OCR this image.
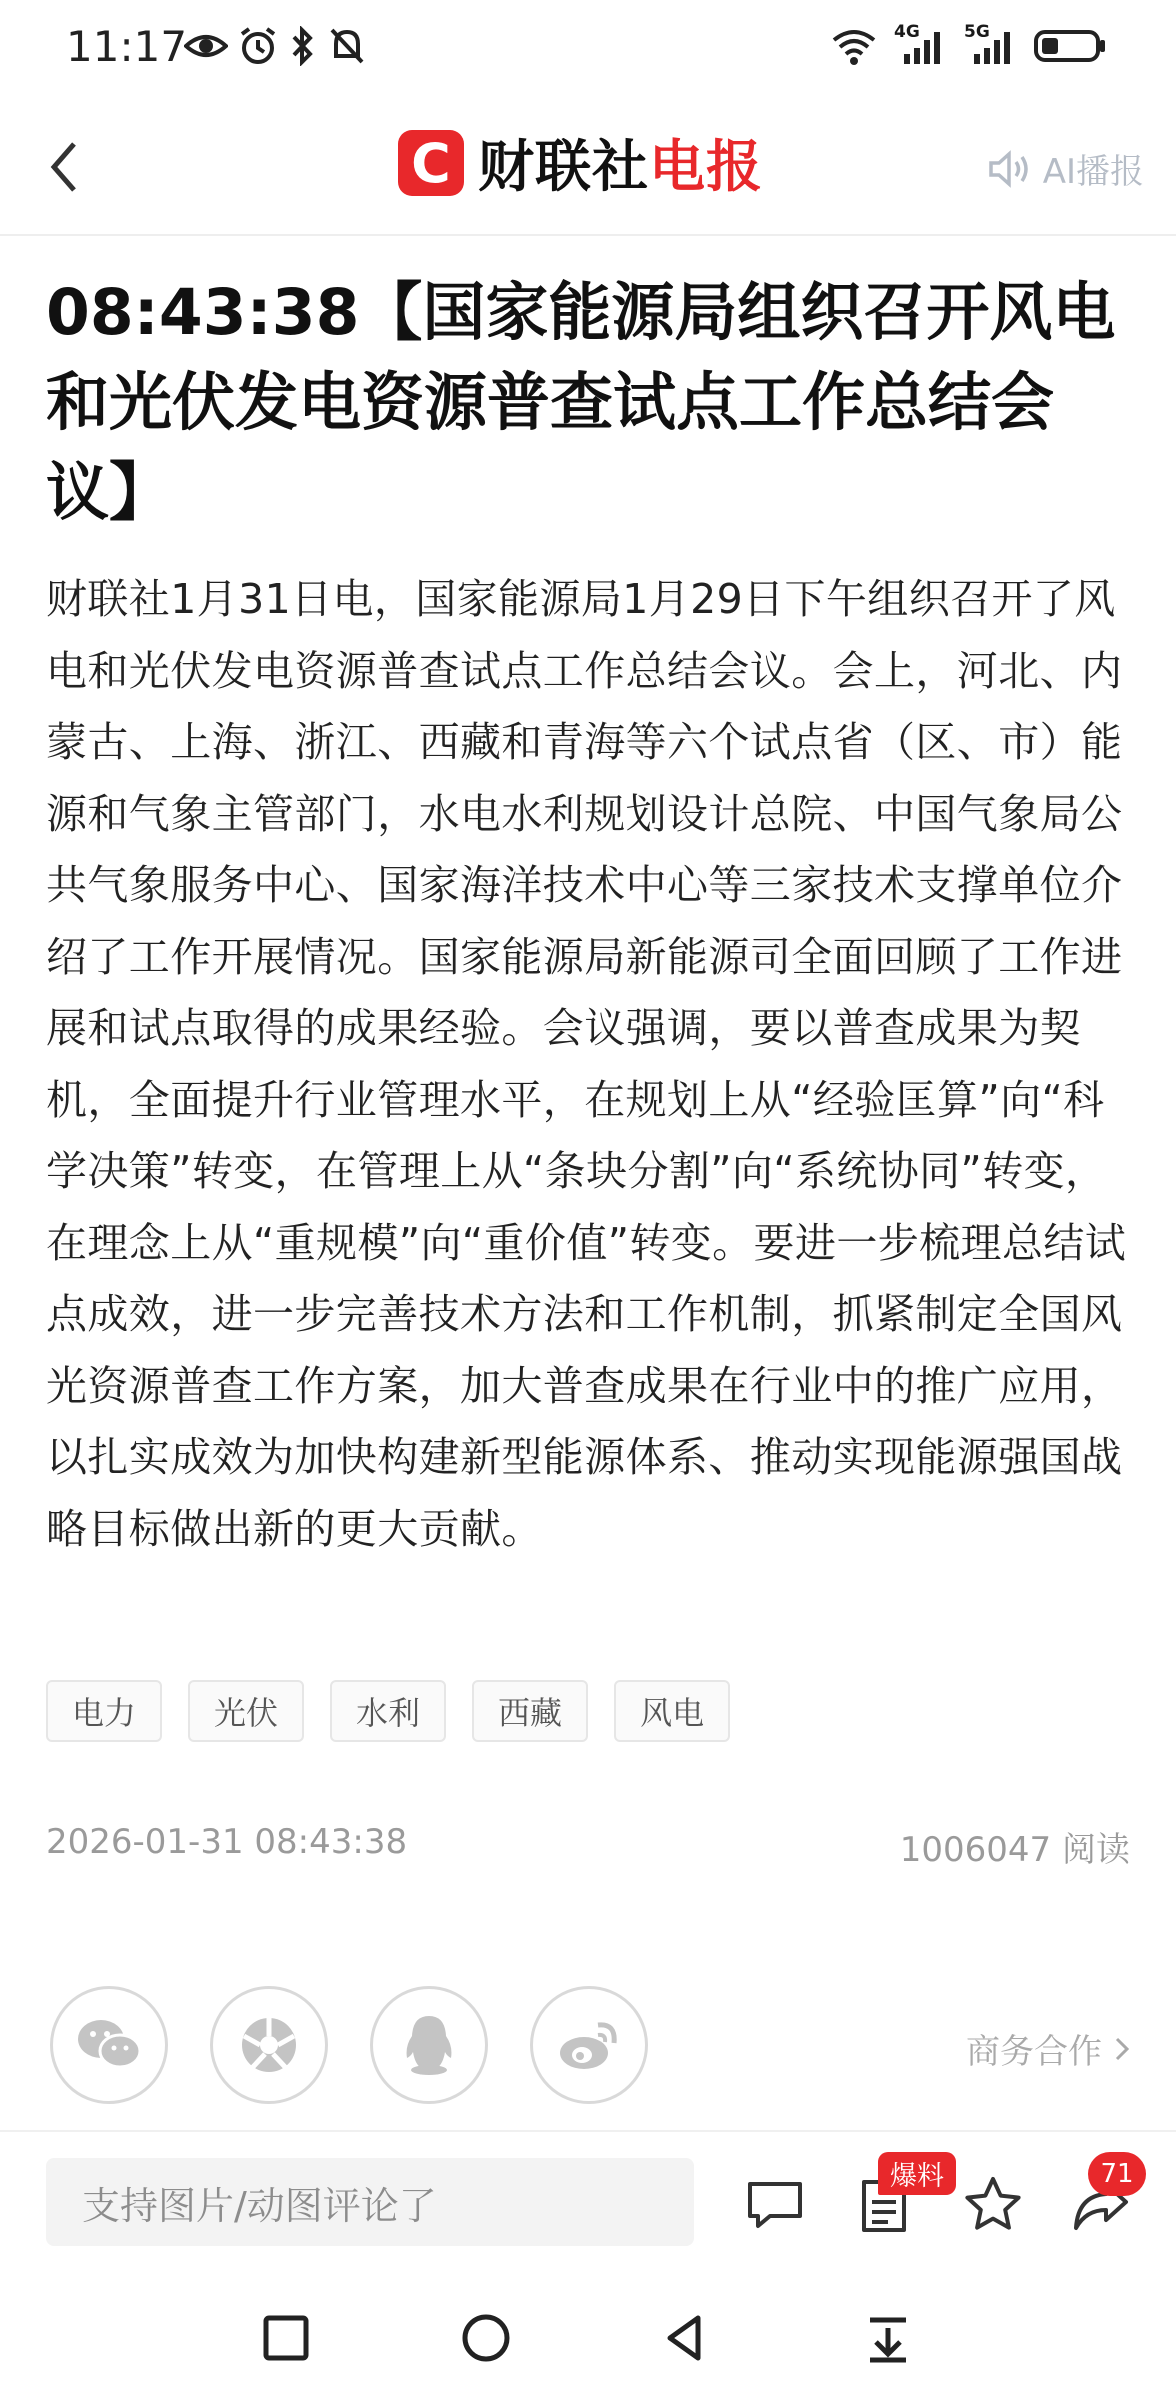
11:17	4G	5G
C 财联社电报	AI播报
08:43:38【国家能源局组织召开风电和光伏发电资源普查试点工作总结会议】

财联社1月31日电，国家能源局1月29日下午组织召开了风电和光伏发电资源普查试点工作总结会议。会上，河北、内蒙古、上海、浙江、西藏和青海等六个试点省（区、市）能源和气象主管部门，水电水利规划设计总院、中国气象局公共气象服务中心、国家海洋技术中心等三家技术支撑单位介绍了工作开展情况。国家能源局新能源司全面回顾了工作进展和试点取得的成果经验。会议强调，要以普查成果为契机，全面提升行业管理水平，在规划上从“经验匡算”向“科学决策”转变，在管理上从“条块分割”向“系统协同”转变，在理念上从“重规模”向“重价值”转变。要进一步梳理总结试点成效，进一步完善技术方法和工作机制，抓紧制定全国风光资源普查工作方案，加大普查成果在行业中的推广应用，以扎实成效为加快构建新型能源体系、推动实现能源强国战略目标做出新的更大贡献。

电力	光伏	水利	西藏	风电
2026-01-31 08:43:38	1006047 阅读
商务合作
支持图片/动图评论了
爆料	71
